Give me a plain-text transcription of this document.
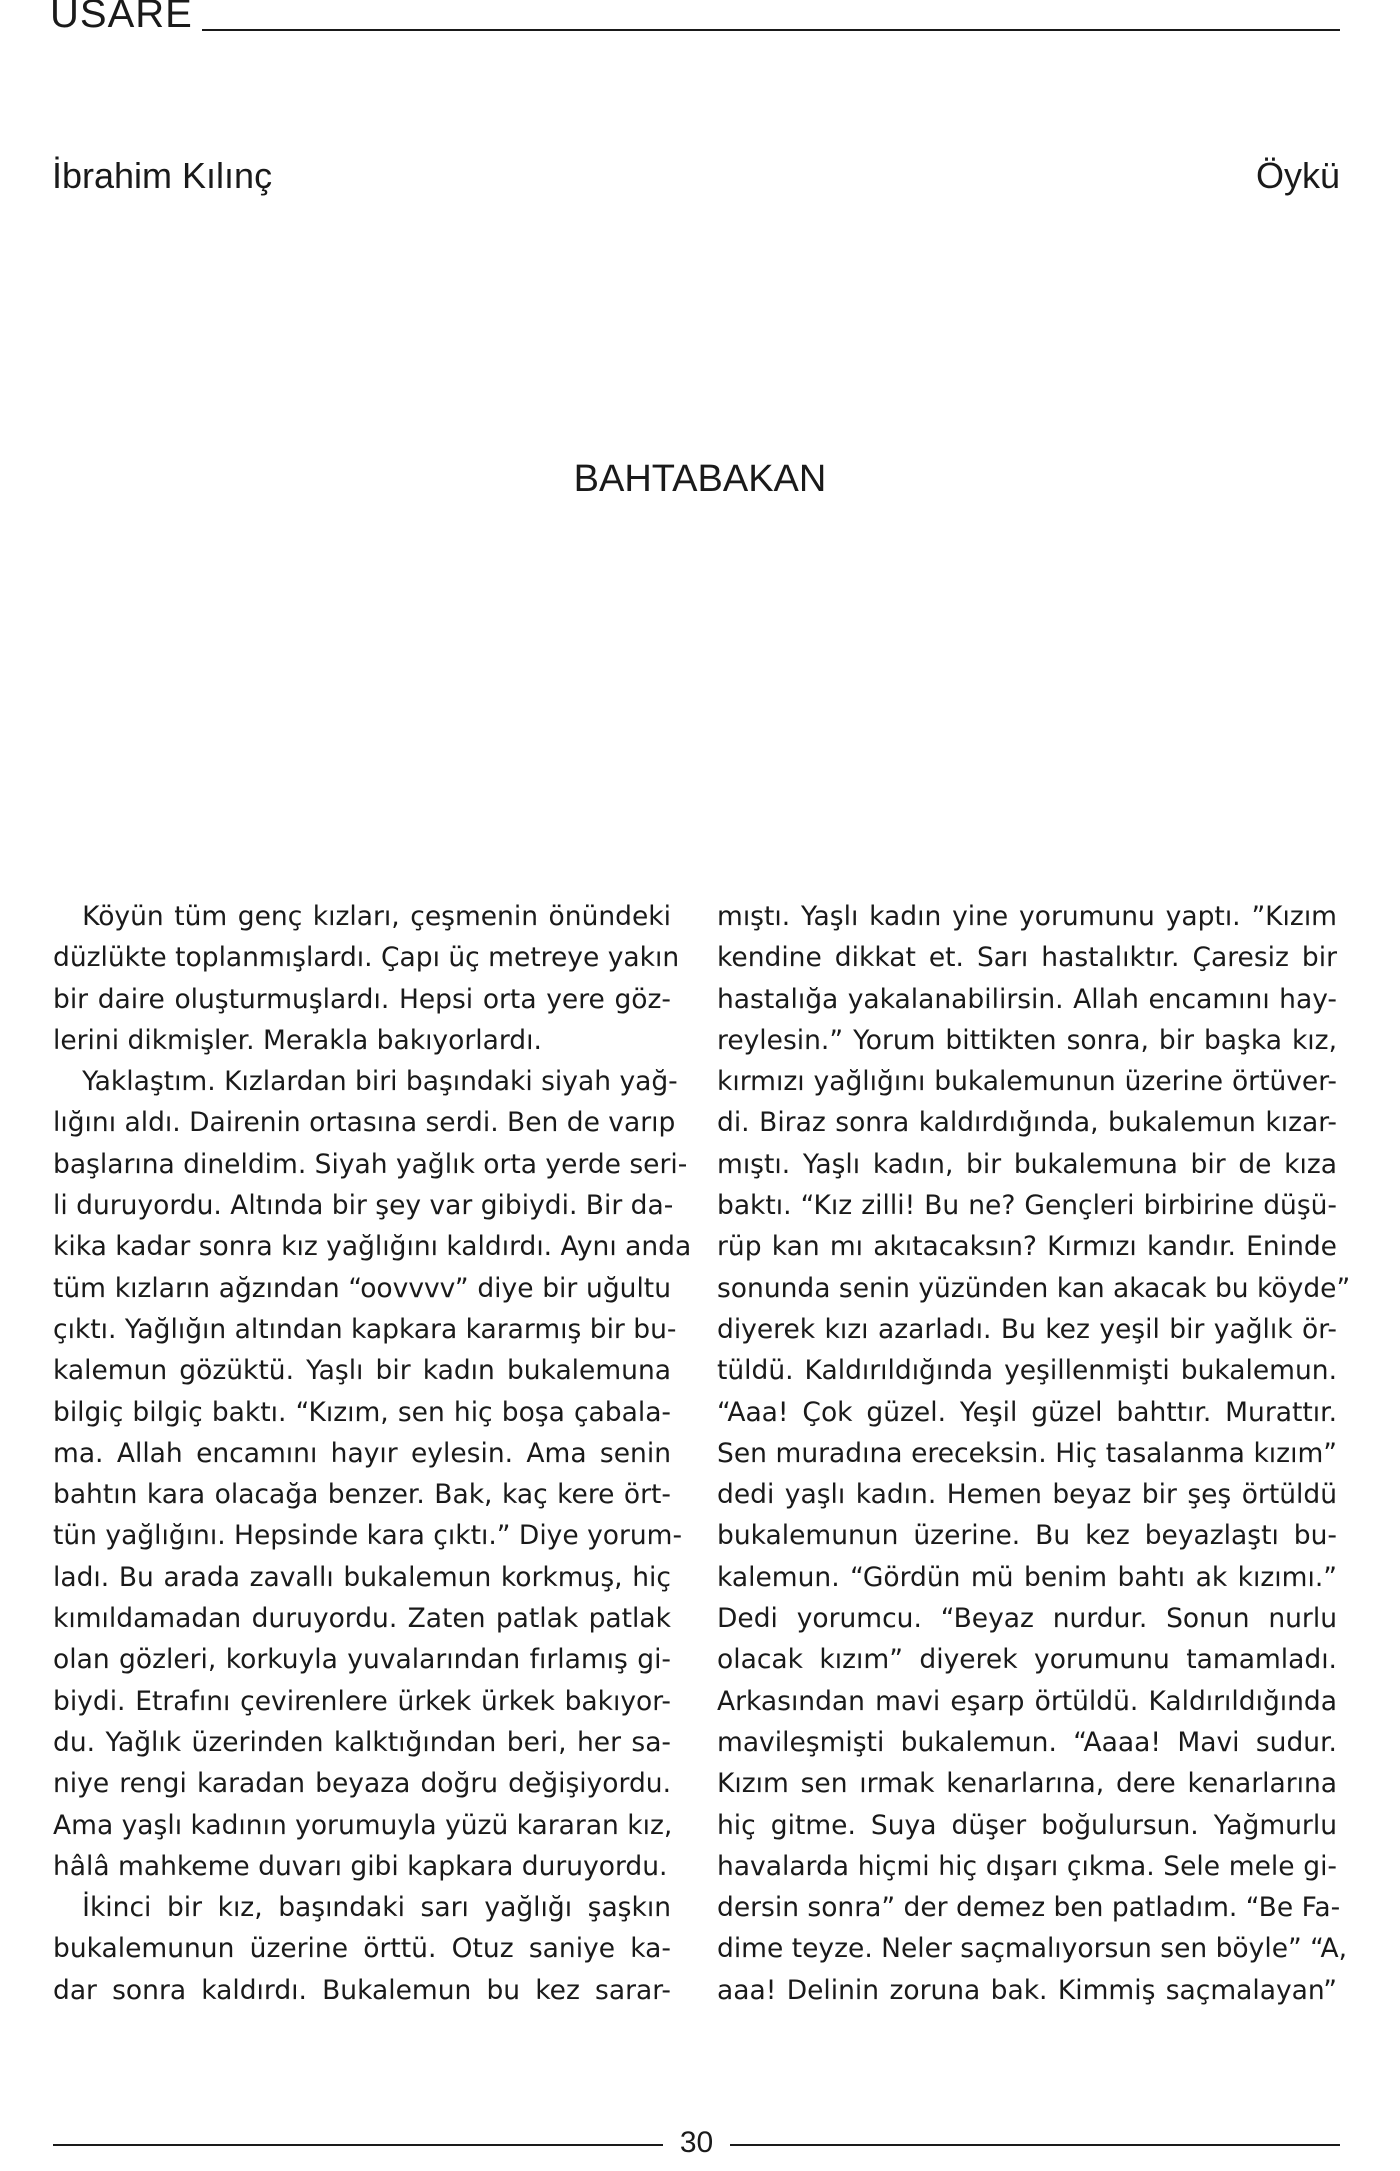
USARE
İbrahim Kılınç	Öykü
BAHTABAKAN

Köyün tüm genç kızları, çeşmenin önündeki
düzlükte toplanmışlardı. Çapı üç metreye yakın
bir daire oluşturmuşlardı. Hepsi orta yere göz-
lerini dikmişler. Merakla bakıyorlardı.

Yaklaştım. Kızlardan biri başındaki siyah yağ-
lığını aldı. Dairenin ortasına serdi. Ben de varıp
başlarına dineldim. Siyah yağlık orta yerde seri-
li duruyordu. Altında bir şey var gibiydi. Bir da-
kika kadar sonra kız yağlığını kaldırdı. Aynı anda
tüm kızların ağzından “oovvvv” diye bir uğultu
çıktı. Yağlığın altından kapkara kararmış bir bu-
kalemun gözüktü. Yaşlı bir kadın bukalemuna
bilgiç bilgiç baktı. “Kızım, sen hiç boşa çabala-
ma. Allah encamını hayır eylesin. Ama senin
bahtın kara olacağa benzer. Bak, kaç kere ört-
tün yağlığını. Hepsinde kara çıktı.” Diye yorum-
ladı. Bu arada zavallı bukalemun korkmuş, hiç
kımıldamadan duruyordu. Zaten patlak patlak
olan gözleri, korkuyla yuvalarından fırlamış gi-
biydi. Etrafını çevirenlere ürkek ürkek bakıyor-
du. Yağlık üzerinden kalktığından beri, her sa-
niye rengi karadan beyaza doğru değişiyordu.
Ama yaşlı kadının yorumuyla yüzü kararan kız,
hâlâ mahkeme duvarı gibi kapkara duruyordu.

İkinci bir kız, başındaki sarı yağlığı şaşkın
bukalemunun üzerine örttü. Otuz saniye ka-
dar sonra kaldırdı. Bukalemun bu kez sarar-

mıştı. Yaşlı kadın yine yorumunu yaptı. ”Kızım
kendine dikkat et. Sarı hastalıktır. Çaresiz bir
hastalığa yakalanabilirsin. Allah encamını hay-
reylesin.” Yorum bittikten sonra, bir başka kız,
kırmızı yağlığını bukalemunun üzerine örtüver-
di. Biraz sonra kaldırdığında, bukalemun kızar-
mıştı. Yaşlı kadın, bir bukalemuna bir de kıza
baktı. “Kız zilli! Bu ne? Gençleri birbirine düşü-
rüp kan mı akıtacaksın? Kırmızı kandır. Eninde
sonunda senin yüzünden kan akacak bu köyde”
diyerek kızı azarladı. Bu kez yeşil bir yağlık ör-
tüldü. Kaldırıldığında yeşillenmişti bukalemun.
“Aaa! Çok güzel. Yeşil güzel bahttır. Murattır.
Sen muradına ereceksin. Hiç tasalanma kızım”
dedi yaşlı kadın. Hemen beyaz bir şeş örtüldü
bukalemunun üzerine. Bu kez beyazlaştı bu-
kalemun. “Gördün mü benim bahtı ak kızımı.”
Dedi yorumcu. “Beyaz nurdur. Sonun nurlu
olacak kızım” diyerek yorumunu tamamladı.
Arkasından mavi eşarp örtüldü. Kaldırıldığında
mavileşmişti bukalemun. “Aaaa! Mavi sudur.
Kızım sen ırmak kenarlarına, dere kenarlarına
hiç gitme. Suya düşer boğulursun. Yağmurlu
havalarda hiçmi hiç dışarı çıkma. Sele mele gi-
dersin sonra” der demez ben patladım. “Be Fa-
dime teyze. Neler saçmalıyorsun sen böyle” “A,
aaa! Delinin zoruna bak. Kimmiş saçmalayan”

30
